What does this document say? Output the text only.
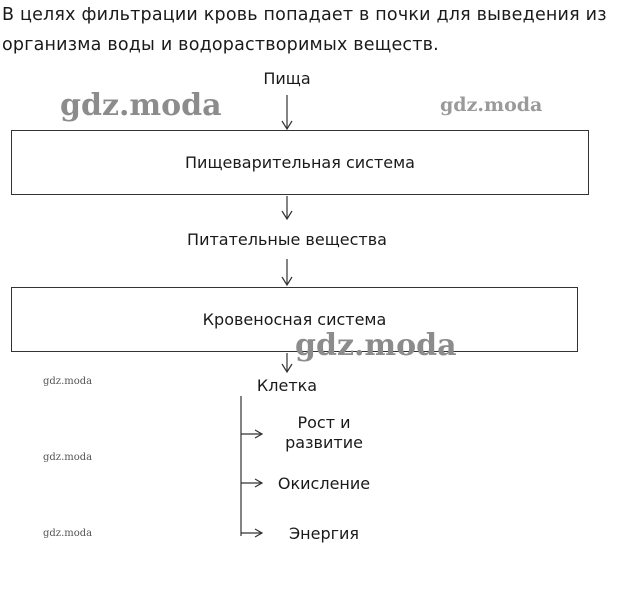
В целях фильтрации кровь попадает в почки для выведения из

организма воды и водорастворимых веществ.

Пища
Пищеварительная система
Питательные вещества
Кровеносная система
Клетка
Рост и
развитие
Окисление
Энергия
gdz.moda	gdz.moda
gdz.moda
gdz.moda
gdz.moda
gdz.moda
